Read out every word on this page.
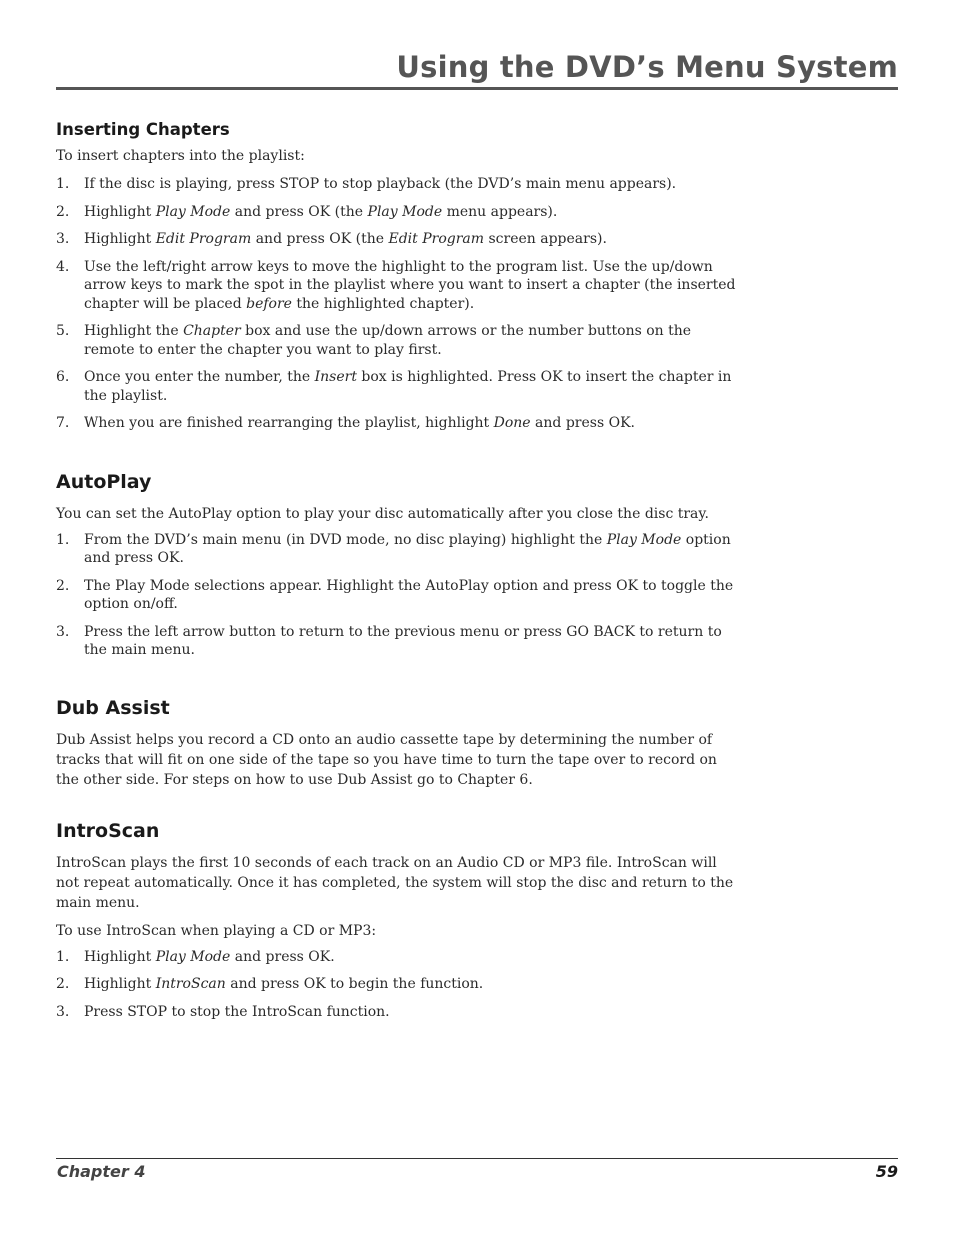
Using the DVD’s Menu System
Inserting Chapters

To insert chapters into the playlist:

1.	If the disc is playing, press STOP to stop playback (the DVD’s main menu appears).
2.	Highlight Play Mode and press OK (the Play Mode menu appears).
3.	Highlight Edit Program and press OK (the Edit Program screen appears).
4.	Use the left/right arrow keys to move the highlight to the program list. Use the up/down arrow keys to mark the spot in the playlist where you want to insert a chapter (the inserted chapter will be placed before the highlighted chapter).
5.	Highlight the Chapter box and use the up/down arrows or the number buttons on the remote to enter the chapter you want to play first.
6.	Once you enter the number, the Insert box is highlighted. Press OK to insert the chapter in the playlist.
7.	When you are finished rearranging the playlist, highlight Done and press OK.
AutoPlay

You can set the AutoPlay option to play your disc automatically after you close the disc tray.

1.	From the DVD’s main menu (in DVD mode, no disc playing) highlight the Play Mode option and press OK.
2.	The Play Mode selections appear. Highlight the AutoPlay option and press OK to toggle the option on/off.
3.	Press the left arrow button to return to the previous menu or press GO BACK to return to the main menu.
Dub Assist

Dub Assist helps you record a CD onto an audio cassette tape by determining the number of tracks that will fit on one side of the tape so you have time to turn the tape over to record on the other side. For steps on how to use Dub Assist go to Chapter 6.

IntroScan

IntroScan plays the first 10 seconds of each track on an Audio CD or MP3 file. IntroScan will not repeat automatically. Once it has completed, the system will stop the disc and return to the main menu.

To use IntroScan when playing a CD or MP3:

1.	Highlight Play Mode and press OK.
2.	Highlight IntroScan and press OK to begin the function.
3.	Press STOP to stop the IntroScan function.
Chapter 4	59
